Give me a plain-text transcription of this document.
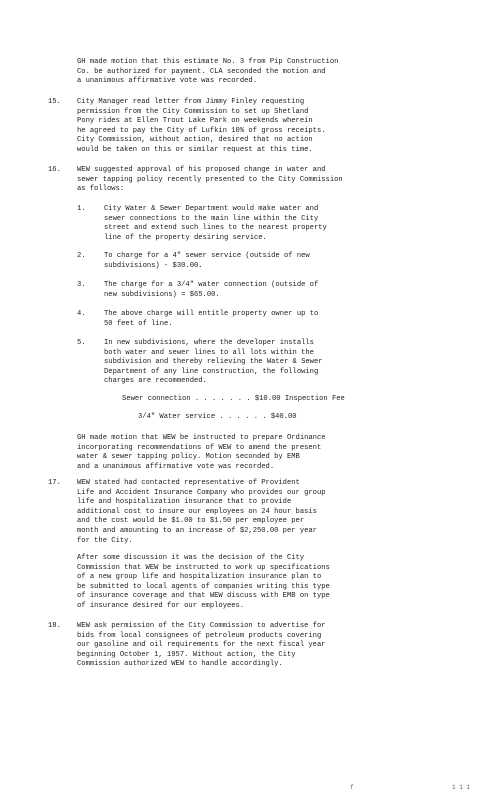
GH made motion that this estimate No. 3 from Pip Construction
Co. be authorized for payment. CLA seconded the motion and
a unanimous affirmative vote was recorded.

15. City Manager read letter from Jimmy Finley requesting
permission from the City Commission to set up Shetland
Pony rides at Ellen Trout Lake Park on weekends wherein
he agreed to pay the City of Lufkin 10% of gross receipts.
City Commission, without action, desired that no action
would be taken on this or similar request at this time.

16. WEW suggested approval of his proposed change in water and
sewer tapping policy recently presented to the City Commission
as follows:

1.	City Water & Sewer Department would make water and
sewer connections to the main line within the City
street and extend such lines to the nearest property
line of the property desiring service.

2.	To charge for a 4" sewer service (outside of new
subdivisions) - $30.00.

3.	The charge for a 3/4" water connection (outside of
new subdivisions) = $65.00.

4.	The above charge will entitle property owner up to
50 feet of line.

5.	In new subdivisions, where the developer installs
both water and sewer lines to all lots within the
subdivision and thereby relieving the Water & Sewer
Department of any line construction, the following
charges are recommended.

Sewer connection . . . . . . . $10.00 Inspection Fee

3/4" Water service . . . . . . $40.00

GH made motion that WEW be instructed to prepare Ordinance
incorporating recommendations of WEW to amend the present
water & sewer tapping policy. Motion seconded by EMB
and a unanimous affirmative vote was recorded.

17. WEW stated had contacted representative of Provident
Life and Accident Insurance Company who provides our group
life and hospitalization insurance that to provide
additional cost to insure our employees on 24 hour basis
and the cost would be $1.00 to $1.50 per employee per
month and amounting to an increase of $2,250.00 per year
for the City.

After some discussion it was the decision of the City
Commission that WEW be instructed to work up specifications
of a new group life and hospitalization insurance plan to
be submitted to local agents of companies writing this type
of insurance coverage and that WEW discuss with EMB on type
of insurance desired for our employees.

18. WEW ask permission of the City Commission to advertise for
bids from local consignees of petroleum products covering
our gasoline and oil requirements for the next fiscal year
beginning October 1, 1957. Without action, the City
Commission authorized WEW to handle accordingly.

f	1 1 1
